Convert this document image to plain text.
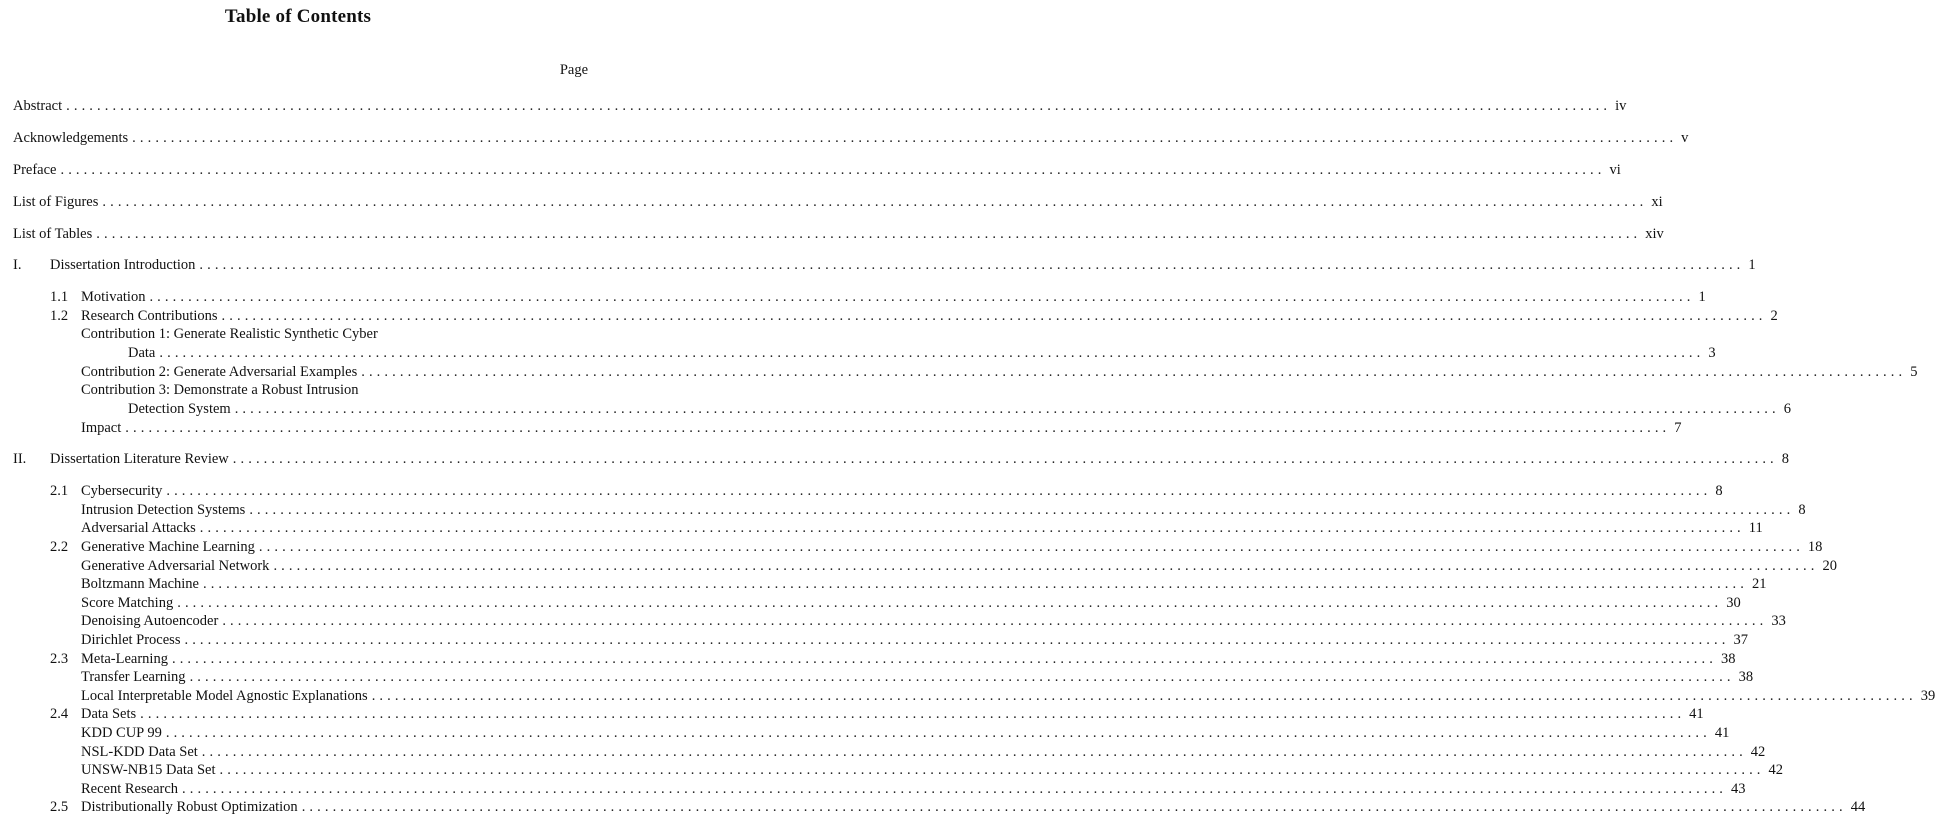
Table of Contents
Page
Abstract ........................................................................................................................................................................................................ iv
Acknowledgements ........................................................................................................................................................................................................ v
Preface ........................................................................................................................................................................................................ vi
List of Figures ........................................................................................................................................................................................................ xi
List of Tables ........................................................................................................................................................................................................ xiv
I. Dissertation Introduction ........................................................................................................................................................................................................ 1
1.1 Motivation ........................................................................................................................................................................................................ 1
1.2 Research Contributions ........................................................................................................................................................................................................ 2
Contribution 1: Generate Realistic Synthetic Cyber
Data ........................................................................................................................................................................................................ 3
Contribution 2: Generate Adversarial Examples ........................................................................................................................................................................................................ 5
Contribution 3: Demonstrate a Robust Intrusion
Detection System ........................................................................................................................................................................................................ 6
Impact ........................................................................................................................................................................................................ 7
II. Dissertation Literature Review ........................................................................................................................................................................................................ 8
2.1 Cybersecurity ........................................................................................................................................................................................................ 8
Intrusion Detection Systems ........................................................................................................................................................................................................ 8
Adversarial Attacks ........................................................................................................................................................................................................ 11
2.2 Generative Machine Learning ........................................................................................................................................................................................................ 18
Generative Adversarial Network ........................................................................................................................................................................................................ 20
Boltzmann Machine ........................................................................................................................................................................................................ 21
Score Matching ........................................................................................................................................................................................................ 30
Denoising Autoencoder ........................................................................................................................................................................................................ 33
Dirichlet Process ........................................................................................................................................................................................................ 37
2.3 Meta-Learning ........................................................................................................................................................................................................ 38
Transfer Learning ........................................................................................................................................................................................................ 38
Local Interpretable Model Agnostic Explanations ........................................................................................................................................................................................................ 39
2.4 Data Sets ........................................................................................................................................................................................................ 41
KDD CUP 99 ........................................................................................................................................................................................................ 41
NSL-KDD Data Set ........................................................................................................................................................................................................ 42
UNSW-NB15 Data Set ........................................................................................................................................................................................................ 42
Recent Research ........................................................................................................................................................................................................ 43
2.5 Distributionally Robust Optimization ........................................................................................................................................................................................................ 44
